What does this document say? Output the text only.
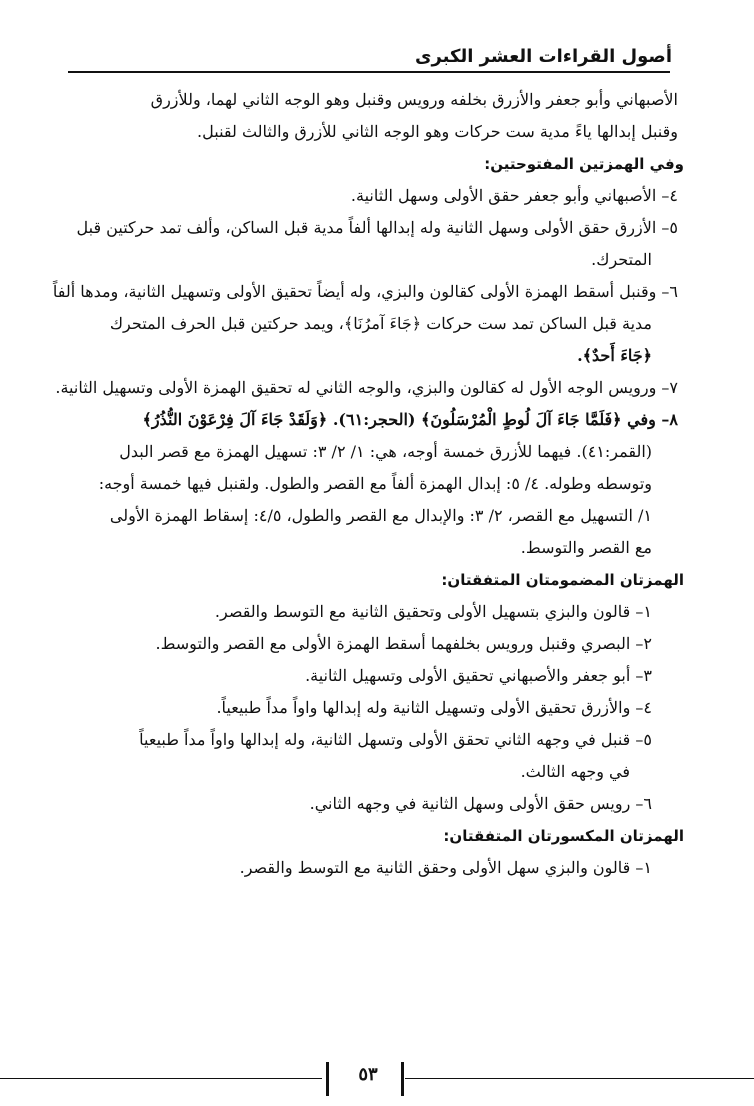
أصول القراءات العشر الكبرى
الأصبهاني وأبو جعفر والأزرق بخلفه ورويس وقنبل وهو الوجه الثاني لهما، وللأزرق
وقنبل إبدالها ياءً مدية ست حركات وهو الوجه الثاني للأزرق والثالث لقنبل.
وفي الهمزتين المفتوحتين:
٤– الأصبهاني وأبو جعفر حقق الأولى وسهل الثانية.
٥– الأزرق حقق الأولى وسهل الثانية وله إبدالها ألفاً مدية قبل الساكن، وألف تمد حركتين قبل
المتحرك.
٦– وقنبل أسقط الهمزة الأولى كقالون والبزي، وله أيضاً تحقيق الأولى وتسهيل الثانية، ومدها ألفاً
مدية قبل الساكن تمد ست حركات ﴿جَاءَ آمرُنَا﴾، ويمد حركتين قبل الحرف المتحرك
﴿جَاءَ أَحدٌ﴾.
٧– ورويس الوجه الأول له كقالون والبزي، والوجه الثاني له تحقيق الهمزة الأولى وتسهيل الثانية.
٨– وفي ﴿فَلَمَّا جَاءَ آلَ لُوطٍ الْمُرْسَلُونَ﴾ (الحجر:٦١). ﴿وَلَقَدْ جَاءَ آلَ فِرْعَوْنَ النُّذُرُ﴾
(القمر:٤١). فيهما للأزرق خمسة أوجه، هي: ١/ ٢/ ٣: تسهيل الهمزة مع قصر البدل
وتوسطه وطوله. ٤/ ٥: إبدال الهمزة ألفاً مع القصر والطول. ولقنبل فيها خمسة أوجه:
١/ التسهيل مع القصر، ٢/ ٣: والإبدال مع القصر والطول، ٤/٥: إسقاط الهمزة الأولى
مع القصر والتوسط.
الهمزتان المضمومتان المتفقتان:
١– قالون والبزي بتسهيل الأولى وتحقيق الثانية مع التوسط والقصر.
٢– البصري وقنبل ورويس بخلفهما أسقط الهمزة الأولى مع القصر والتوسط.
٣– أبو جعفر والأصبهاني تحقيق الأولى وتسهيل الثانية.
٤– والأزرق تحقيق الأولى وتسهيل الثانية وله إبدالها واواً مداً طبيعياً.
٥– قنبل في وجهه الثاني تحقق الأولى وتسهل الثانية، وله إبدالها واواً مداً طبيعياً
في وجهه الثالث.
٦– رويس حقق الأولى وسهل الثانية في وجهه الثاني.
الهمزتان المكسورتان المتفقتان:
١– قالون والبزي سهل الأولى وحقق الثانية مع التوسط والقصر.
٥٣
